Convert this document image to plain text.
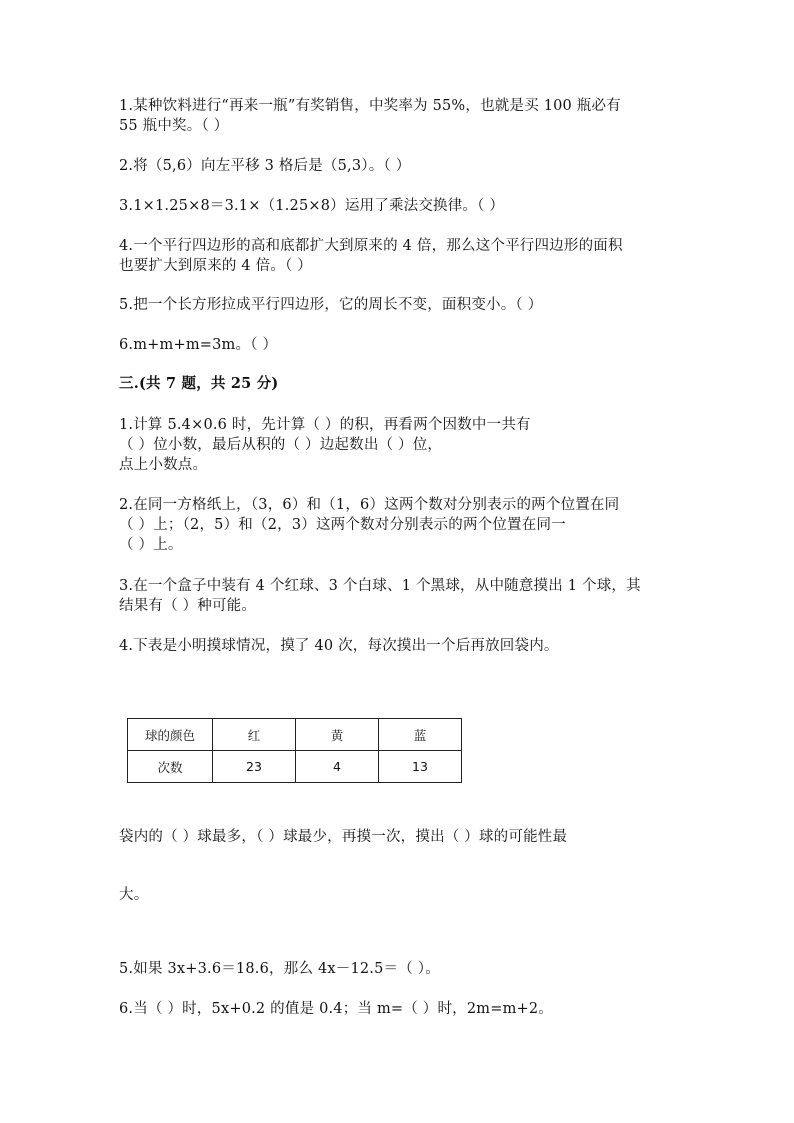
1.某种饮料进行“再来一瓶”有奖销售，中奖率为 55%，也就是买 100 瓶必有
55 瓶中奖。（ ）
2.将（5,6）向左平移 3 格后是（5,3）。（ ）
3.1×1.25×8＝3.1×（1.25×8）运用了乘法交换律。（ ）
4.一个平行四边形的高和底都扩大到原来的 4 倍，那么这个平行四边形的面积
也要扩大到原来的 4 倍。（ ）
5.把一个长方形拉成平行四边形，它的周长不变，面积变小。（ ）
6.m+m+m=3m。（ ）
三.(共 7 题，共 25 分)
1.计算 5.4×0.6 时，先计算（ ）的积，再看两个因数中一共有
（ ）位小数，最后从积的（ ）边起数出（ ）位，
点上小数点。
2.在同一方格纸上，（3，6）和（1，6）这两个数对分别表示的两个位置在同
（ ）上；（2，5）和（2，3）这两个数对分别表示的两个位置在同一
（ ）上。
3.在一个盒子中装有 4 个红球、3 个白球、1 个黑球，从中随意摸出 1 个球，其
结果有（ ）种可能。
4.下表是小明摸球情况，摸了 40 次，每次摸出一个后再放回袋内。
球的颜色	红	黄	蓝
次数	23	4	13
袋内的（ ）球最多，（ ）球最少，再摸一次，摸出（ ）球的可能性最
大。
5.如果 3x+3.6＝18.6，那么 4x－12.5＝（ ）。
6.当（ ）时，5x+0.2 的值是 0.4；当 m=（ ）时，2m=m+2。
